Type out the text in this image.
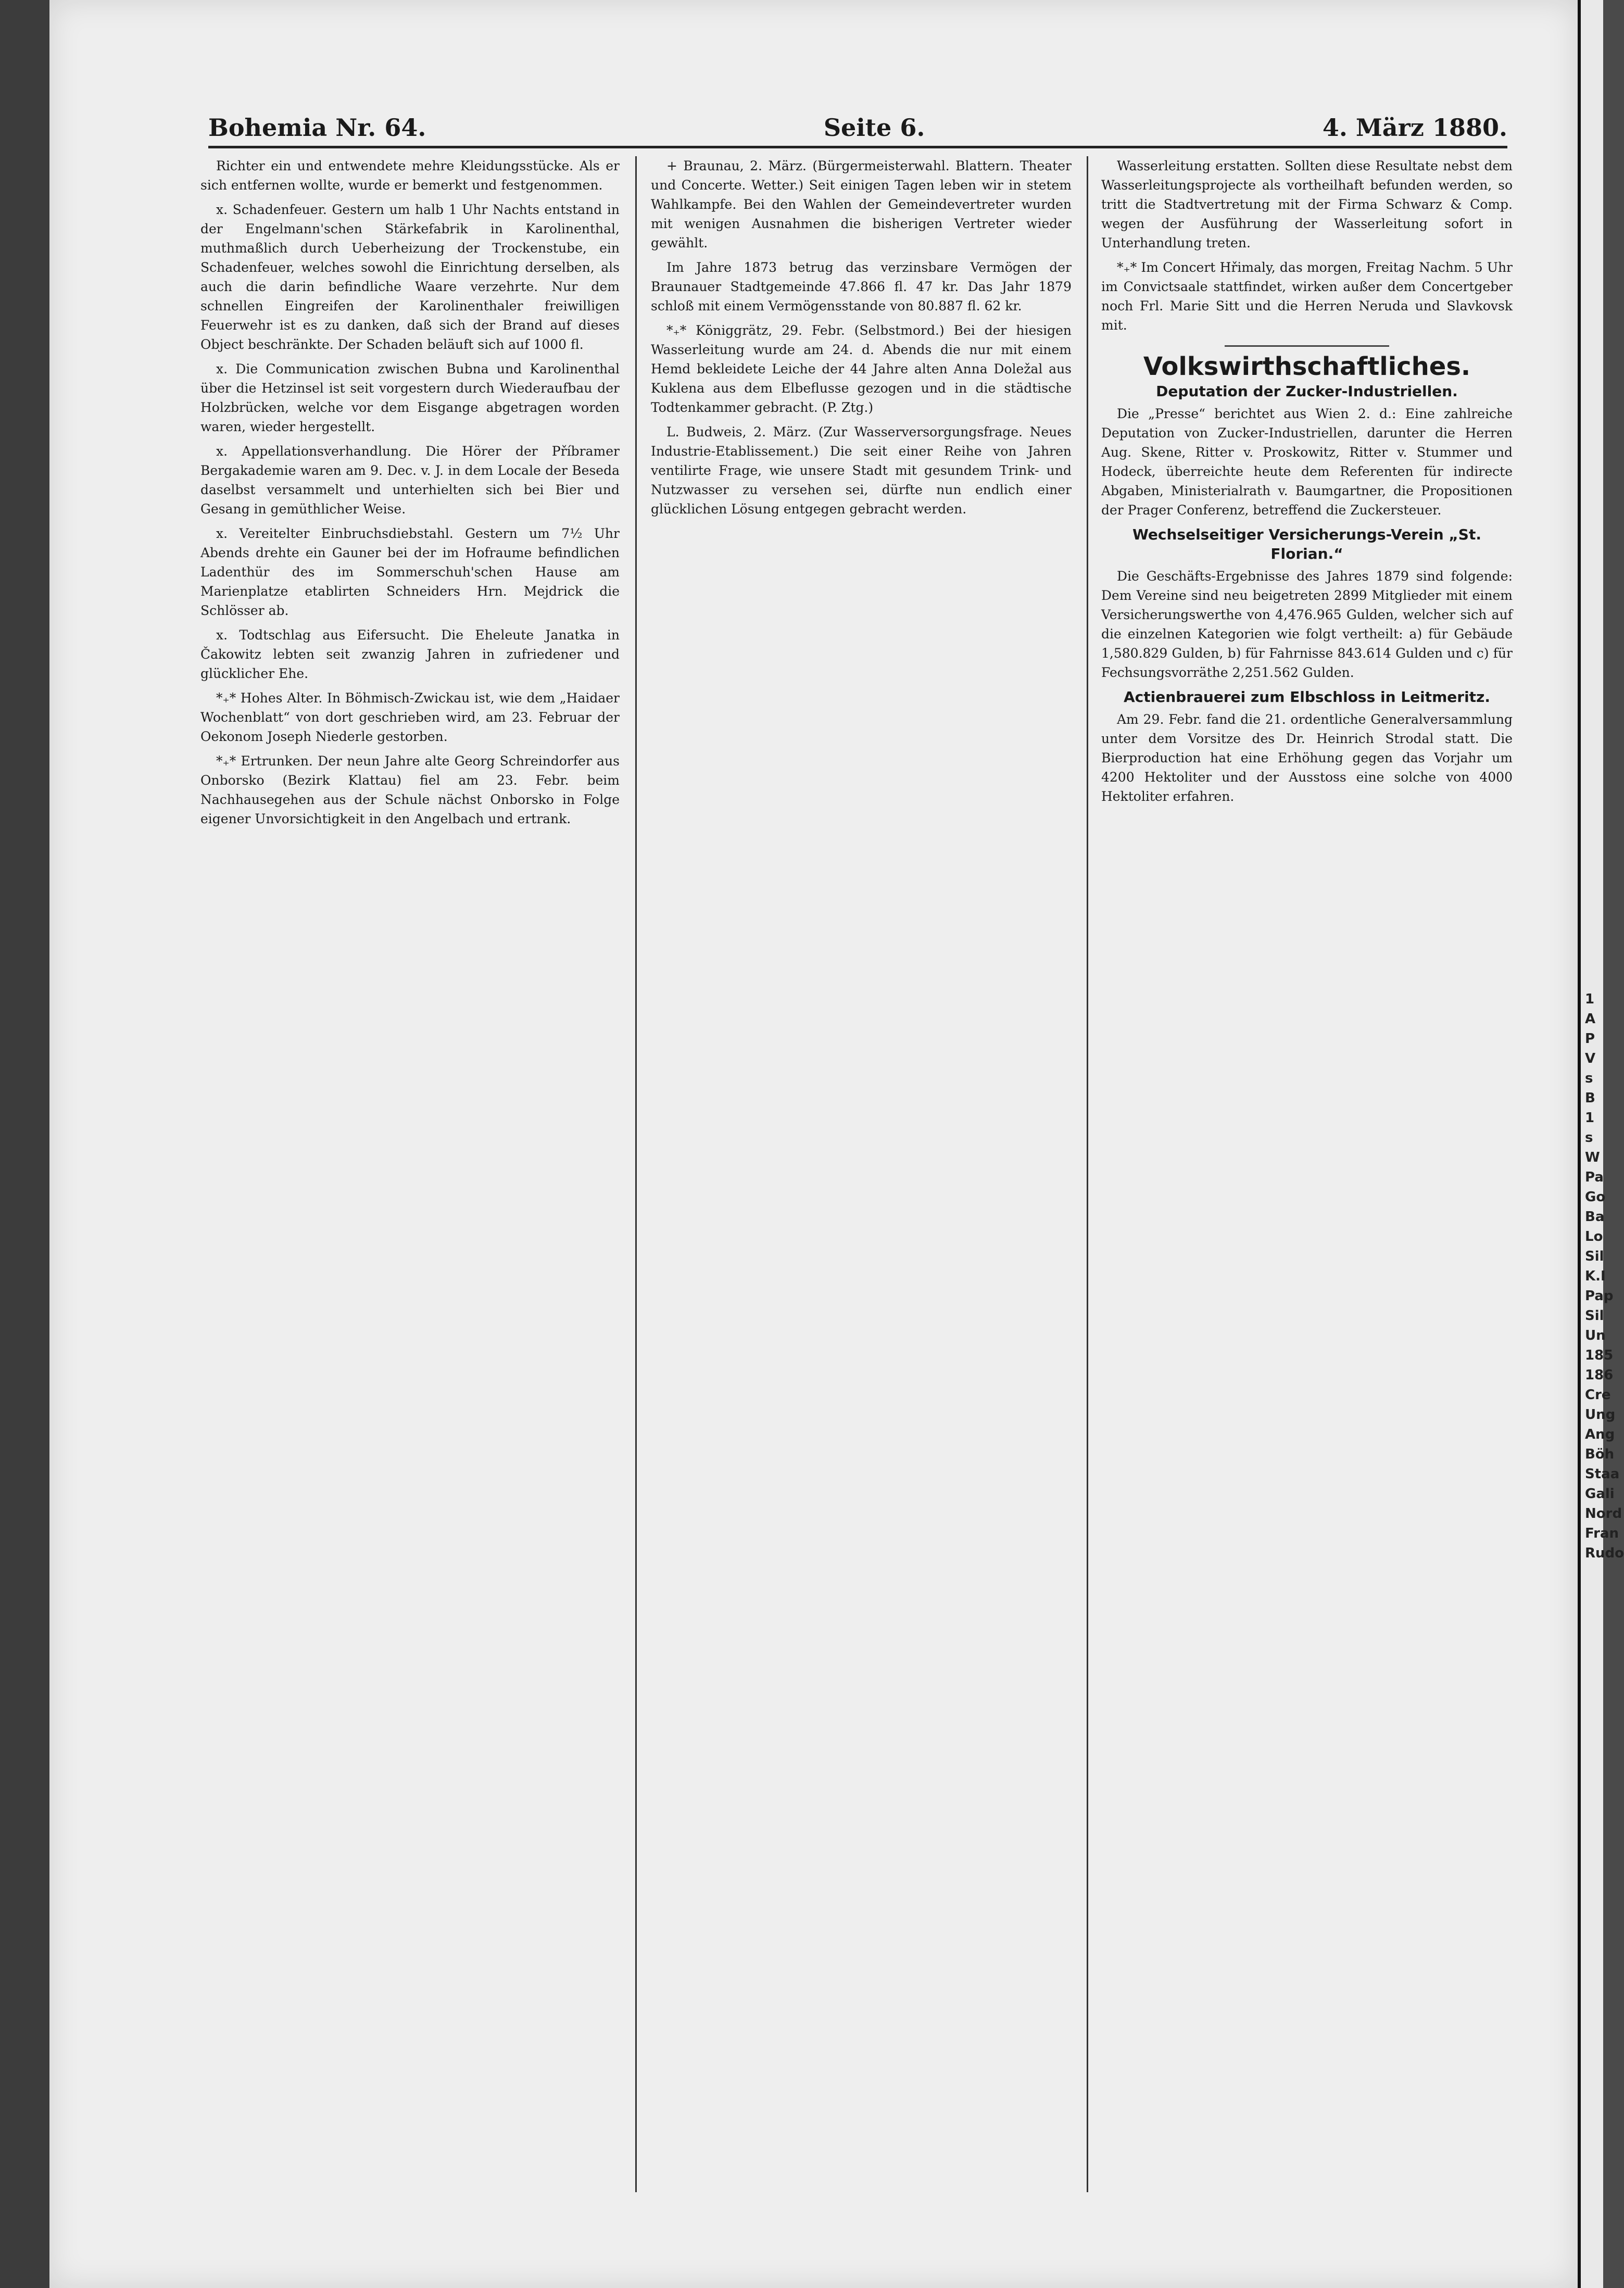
Bohemia Nr. 64.	Seite 6.	4. März 1880.

Richter ein und entwendete mehre Kleidungsstücke. Als er sich entfernen wollte, wurde er bemerkt und festgenommen.

x. Schadenfeuer. Gestern um halb 1 Uhr Nachts entstand in der Engelmann'schen Stärkefabrik in Karolinenthal, muthmaßlich durch Ueberheizung der Trockenstube, ein Schadenfeuer, welches sowohl die Einrichtung derselben, als auch die darin befindliche Waare verzehrte. Nur dem schnellen Eingreifen der Karolinenthaler freiwilligen Feuerwehr ist es zu danken, daß sich der Brand auf dieses Object beschränkte. Der Schaden beläuft sich auf 1000 fl.

x. Die Communication zwischen Bubna und Karolinenthal über die Hetzinsel ist seit vorgestern durch Wiederaufbau der Holzbrücken, welche vor dem Eisgange abgetragen worden waren, wieder hergestellt.

x. Appellationsverhandlung. Die Hörer der Příbramer Bergakademie waren am 9. Dec. v. J. in dem Locale der Beseda daselbst versammelt und unterhielten sich bei Bier und Gesang in gemüthlicher Weise.

x. Vereitelter Einbruchsdiebstahl. Gestern um 7½ Uhr Abends drehte ein Gauner bei der im Hofraume befindlichen Ladenthür des im Sommerschuh'schen Hause am Marienplatze etablirten Schneiders Hrn. Mejdrick die Schlösser ab.

x. Todtschlag aus Eifersucht. Die Eheleute Janatka in Čakowitz lebten seit zwanzig Jahren in zufriedener und glücklicher Ehe.

*₊* Hohes Alter. In Böhmisch-Zwickau ist, wie dem „Haidaer Wochenblatt“ von dort geschrieben wird, am 23. Februar der Oekonom Joseph Niederle gestorben.

*₊* Ertrunken. Der neun Jahre alte Georg Schreindorfer aus Onborsko (Bezirk Klattau) fiel am 23. Febr. beim Nachhausegehen aus der Schule nächst Onborsko in Folge eigener Unvorsichtigkeit in den Angelbach und ertrank.

+ Braunau, 2. März. (Bürgermeisterwahl. Blattern. Theater und Concerte. Wetter.) Seit einigen Tagen leben wir in stetem Wahlkampfe. Bei den Wahlen der Gemeindevertreter wurden mit wenigen Ausnahmen die bisherigen Vertreter wieder gewählt.

Im Jahre 1873 betrug das verzinsbare Vermögen der Braunauer Stadtgemeinde 47.866 fl. 47 kr. Das Jahr 1879 schloß mit einem Vermögensstande von 80.887 fl. 62 kr.

*₊* Königgrätz, 29. Febr. (Selbstmord.) Bei der hiesigen Wasserleitung wurde am 24. d. Abends die nur mit einem Hemd bekleidete Leiche der 44 Jahre alten Anna Doležal aus Kuklena aus dem Elbeflusse gezogen und in die städtische Todtenkammer gebracht. (P. Ztg.)

L. Budweis, 2. März. (Zur Wasserversorgungsfrage. Neues Industrie-Etablissement.) Die seit einer Reihe von Jahren ventilirte Frage, wie unsere Stadt mit gesundem Trink- und Nutzwasser zu versehen sei, dürfte nun endlich einer glücklichen Lösung entgegen gebracht werden.

Wasserleitung erstatten. Sollten diese Resultate nebst dem Wasserleitungsprojecte als vortheilhaft befunden werden, so tritt die Stadtvertretung mit der Firma Schwarz & Comp. wegen der Ausführung der Wasserleitung sofort in Unterhandlung treten.

*₊* Im Concert Hřimaly, das morgen, Freitag Nachm. 5 Uhr im Convictsaale stattfindet, wirken außer dem Concertgeber noch Frl. Marie Sitt und die Herren Neruda und Slavkovsk mit.

Volkswirthschaftliches.
Deputation der Zucker-Industriellen.

Die „Presse“ berichtet aus Wien 2. d.: Eine zahlreiche Deputation von Zucker-Industriellen, darunter die Herren Aug. Skene, Ritter v. Proskowitz, Ritter v. Stummer und Hodeck, überreichte heute dem Referenten für indirecte Abgaben, Ministerialrath v. Baumgartner, die Propositionen der Prager Conferenz, betreffend die Zuckersteuer.

Wechselseitiger Versicherungs-Verein „St. Florian.“

Die Geschäfts-Ergebnisse des Jahres 1879 sind folgende: Dem Vereine sind neu beigetreten 2899 Mitglieder mit einem Versicherungswerthe von 4,476.965 Gulden, welcher sich auf die einzelnen Kategorien wie folgt vertheilt: a) für Gebäude 1,580.829 Gulden, b) für Fahrnisse 843.614 Gulden und c) für Fechsungsvorräthe 2,251.562 Gulden.

Actienbrauerei zum Elbschloss in Leitmeritz.

Am 29. Febr. fand die 21. ordentliche Generalversammlung unter dem Vorsitze des Dr. Heinrich Strodal statt. Die Bierproduction hat eine Erhöhung gegen das Vorjahr um 4200 Hektoliter und der Ausstoss eine solche von 4000 Hektoliter erfahren.

1
A
P
V
s
B
1
s
W
Pa
Go
Ba
Lo
Sil
K.I
Pap
Sil
Un
185
186
Cre
Ung
Ang
Böh
Staa
Gali
Nord
Fran
Rudo
